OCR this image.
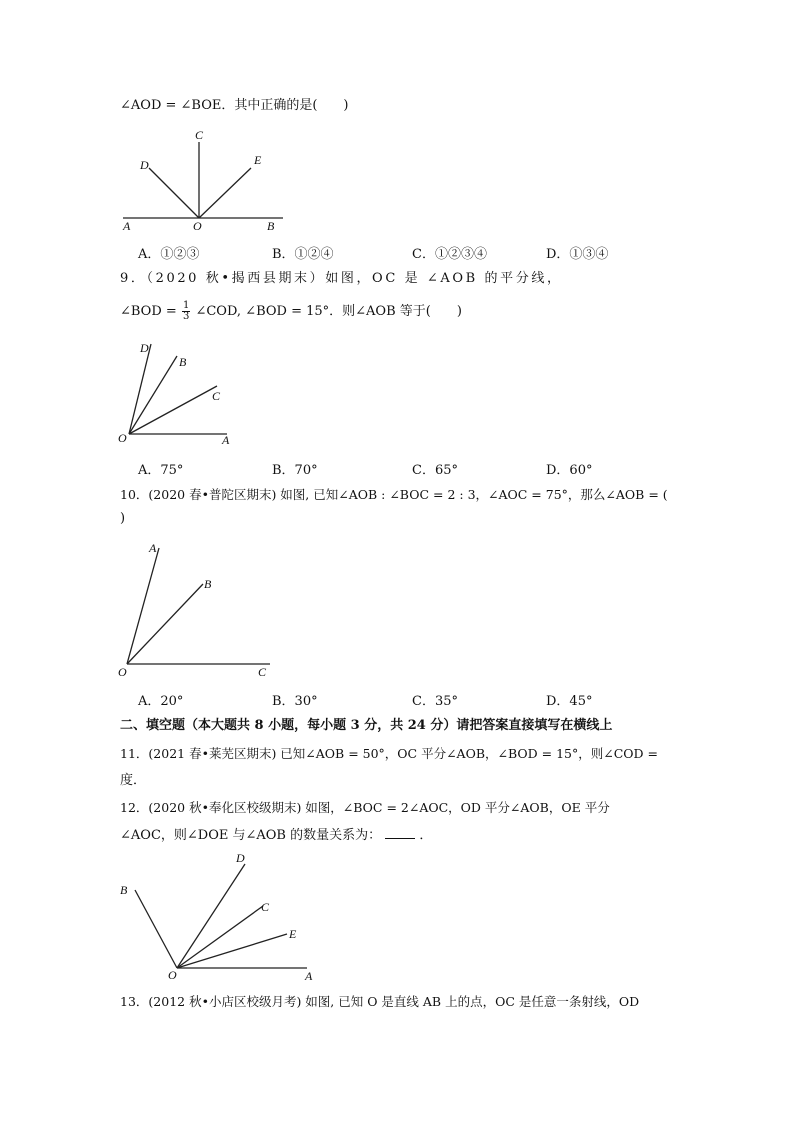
∠AOD = ∠BOE．其中正确的是(　　)
C
D	E
A	O	B
A．①②③	B．①②④	C．①②③④	D．①③④
9．（2020 秋•揭西县期末）如图，OC 是 ∠AOB 的平分线，
∠BOD = $\frac{1}{3}$ ∠COD, ∠BOD = 15°．则∠AOB 等于(　　)
D
B
C
O	A
A．75°	B．70°	C．65°	D．60°
10．(2020 春•普陀区期末) 如图, 已知∠AOB : ∠BOC = 2 : 3，∠AOC = 75°，那么∠AOB = (
)
A
B
O	C
A．20°	B．30°	C．35°	D．45°
二、填空题（本大题共 8 小题，每小题 3 分，共 24 分）请把答案直接填写在横线上
11．(2021 春•莱芜区期末) 已知∠AOB = 50°，OC 平分∠AOB，∠BOD = 15°，则∠COD =
度．
12．(2020 秋•奉化区校级期末) 如图，∠BOC = 2∠AOC，OD 平分∠AOB，OE 平分
∠AOC，则∠DOE 与∠AOB 的数量关系为：	．
D
B
C
E
O	A
13．(2012 秋•小店区校级月考) 如图, 已知 O 是直线 AB 上的点，OC 是任意一条射线，OD
